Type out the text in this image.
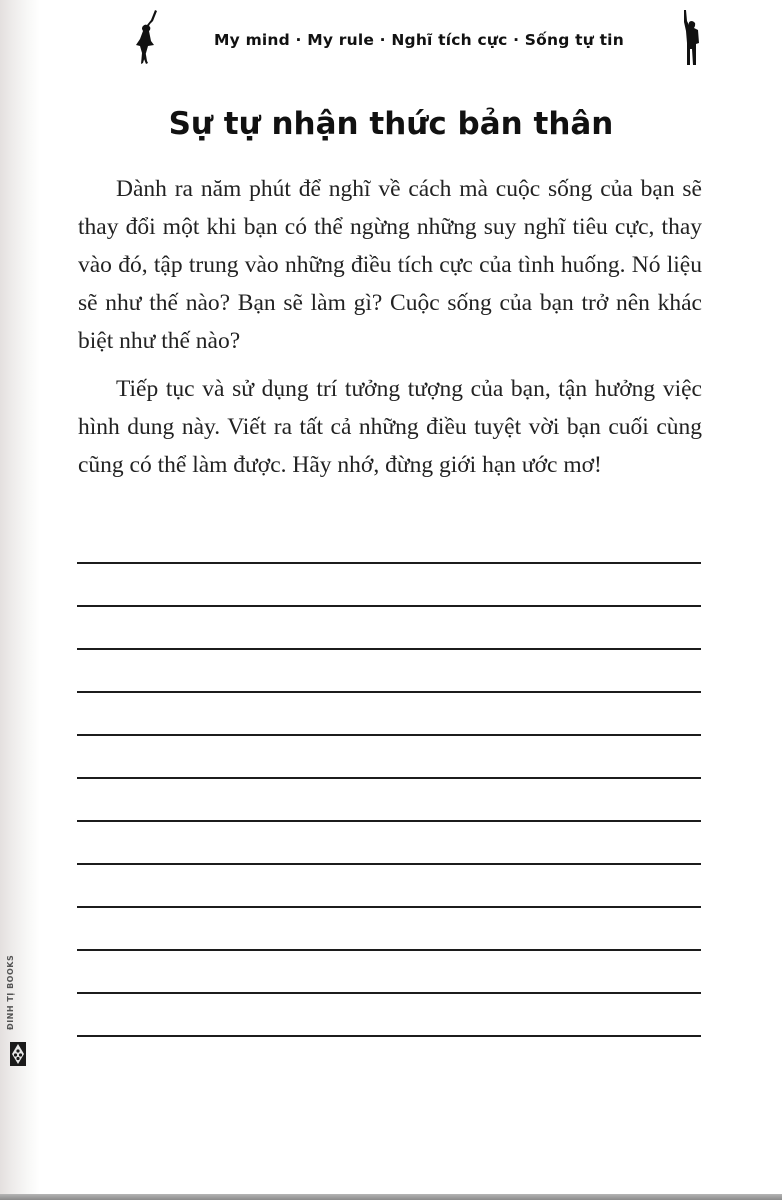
My mind · My rule · Nghĩ tích cực · Sống tự tin
Sự tự nhận thức bản thân

Dành ra năm phút để nghĩ về cách mà cuộc sống của bạn sẽ thay đổi một khi bạn có thể ngừng những suy nghĩ tiêu cực, thay vào đó, tập trung vào những điều tích cực của tình huống. Nó liệu sẽ như thế nào? Bạn sẽ làm gì? Cuộc sống của bạn trở nên khác biệt như thế nào?

Tiếp tục và sử dụng trí tưởng tượng của bạn, tận hưởng việc hình dung này. Viết ra tất cả những điều tuyệt vời bạn cuối cùng cũng có thể làm được. Hãy nhớ, đừng giới hạn ước mơ!

ĐINH TỊ BOOKS
